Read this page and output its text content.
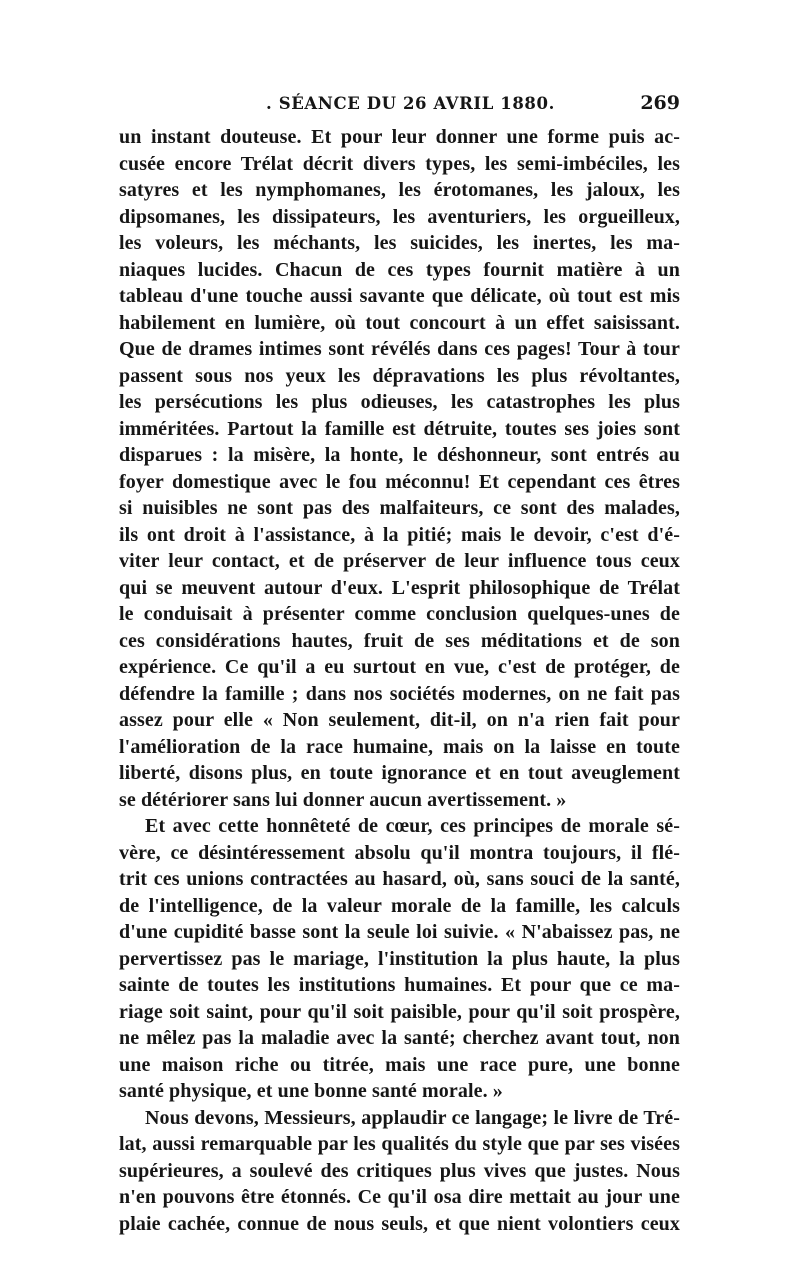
. SÉANCE DU 26 AVRIL 1880.	269
un instant douteuse. Et pour leur donner une forme puis ac-
cusée encore Trélat décrit divers types, les semi-imbéciles, les
satyres et les nymphomanes, les érotomanes, les jaloux, les
dipsomanes, les dissipateurs, les aventuriers, les orgueilleux,
les voleurs, les méchants, les suicides, les inertes, les ma-
niaques lucides. Chacun de ces types fournit matière à un
tableau d'une touche aussi savante que délicate, où tout est mis
habilement en lumière, où tout concourt à un effet saisissant.
Que de drames intimes sont révélés dans ces pages! Tour à tour
passent sous nos yeux les dépravations les plus révoltantes,
les persécutions les plus odieuses, les catastrophes les plus
imméritées. Partout la famille est détruite, toutes ses joies sont
disparues : la misère, la honte, le déshonneur, sont entrés au
foyer domestique avec le fou méconnu! Et cependant ces êtres
si nuisibles ne sont pas des malfaiteurs, ce sont des malades,
ils ont droit à l'assistance, à la pitié; mais le devoir, c'est d'é-
viter leur contact, et de préserver de leur influence tous ceux
qui se meuvent autour d'eux. L'esprit philosophique de Trélat
le conduisait à présenter comme conclusion quelques-unes de
ces considérations hautes, fruit de ses méditations et de son
expérience. Ce qu'il a eu surtout en vue, c'est de protéger, de
défendre la famille ; dans nos sociétés modernes, on ne fait pas
assez pour elle « Non seulement, dit-il, on n'a rien fait pour
l'amélioration de la race humaine, mais on la laisse en toute
liberté, disons plus, en toute ignorance et en tout aveuglement
se détériorer sans lui donner aucun avertissement. »
Et avec cette honnêteté de cœur, ces principes de morale sé-
vère, ce désintéressement absolu qu'il montra toujours, il flé-
trit ces unions contractées au hasard, où, sans souci de la santé,
de l'intelligence, de la valeur morale de la famille, les calculs
d'une cupidité basse sont la seule loi suivie. « N'abaissez pas, ne
pervertissez pas le mariage, l'institution la plus haute, la plus
sainte de toutes les institutions humaines. Et pour que ce ma-
riage soit saint, pour qu'il soit paisible, pour qu'il soit prospère,
ne mêlez pas la maladie avec la santé; cherchez avant tout, non
une maison riche ou titrée, mais une race pure, une bonne
santé physique, et une bonne santé morale. »
Nous devons, Messieurs, applaudir ce langage; le livre de Tré-
lat, aussi remarquable par les qualités du style que par ses visées
supérieures, a soulevé des critiques plus vives que justes. Nous
n'en pouvons être étonnés. Ce qu'il osa dire mettait au jour une
plaie cachée, connue de nous seuls, et que nient volontiers ceux
